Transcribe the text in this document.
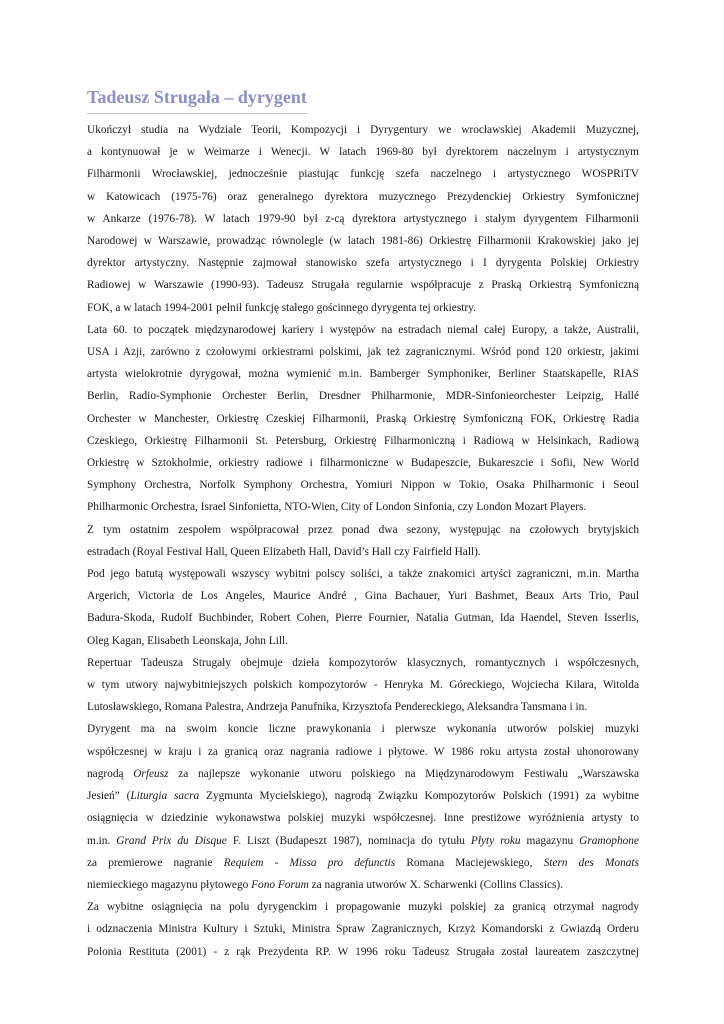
Tadeusz Strugała – dyrygent

Ukończył studia na Wydziale Teorii, Kompozycji i Dyrygentury we wrocławskiej Akademii Muzycznej,
a kontynuował je w Weimarze i Wenecji. W latach 1969-80 był dyrektorem naczelnym i artystycznym
Filharmonii Wrocławskiej, jednocześnie piastując funkcję szefa naczelnego i artystycznego WOSPRiTV
w Katowicach (1975-76) oraz generalnego dyrektora muzycznego Prezydenckiej Orkiestry Symfonicznej
w Ankarze (1976-78). W latach 1979-90 był z-cą dyrektora artystycznego i stałym dyrygentem Filharmonii
Narodowej w Warszawie, prowadząc równolegle (w latach 1981-86) Orkiestrę Filharmonii Krakowskiej jako jej
dyrektor artystyczny. Następnie zajmował stanowisko szefa artystycznego i I dyrygenta Polskiej Orkiestry
Radiowej w Warszawie (1990-93). Tadeusz Strugała regularnie współpracuje z Praską Orkiestrą Symfoniczną
FOK, a w latach 1994-2001 pełnił funkcję stałego gościnnego dyrygenta tej orkiestry.

Lata 60. to początek międzynarodowej kariery i występów na estradach niemal całej Europy, a także, Australii,
USA i Azji, zarówno z czołowymi orkiestrami polskimi, jak też zagranicznymi. Wśród pond 120 orkiestr, jakimi
artysta wielokrotnie dyrygował, można wymienić m.in. Bamberger Symphoniker, Berliner Staatskapelle, RIAS
Berlin, Radio-Symphonie Orchester Berlin, Dresdner Philharmonie, MDR-Sinfonieorchester Leipzig, Hallé
Orchester w Manchester, Orkiestrę Czeskiej Filharmonii, Praską Orkiestrę Symfoniczną FOK, Orkiestrę Radia
Czeskiego, Orkiestrę Filharmonii St. Petersburg, Orkiestrę Filharmoniczną i Radiową w Helsinkach, Radiową
Orkiestrę w Sztokholmie, orkiestry radiowe i filharmoniczne w Budapeszcie, Bukareszcie i Sofii, New World
Symphony Orchestra, Norfolk Symphony Orchestra, Yomiuri Nippon w Tokio, Osaka Philharmonic i Seoul
Philharmonic Orchestra, Israel Sinfonietta, NTO-Wien, City of London Sinfonia, czy London Mozart Players.

Z tym ostatnim zespołem współpracował przez ponad dwa sezony, występując na czołowych brytyjskich
estradach (Royal Festival Hall, Queen Elizabeth Hall, David’s Hall czy Fairfield Hall).

Pod jego batutą występowali wszyscy wybitni polscy soliści, a także znakomici artyści zagraniczni, m.in. Martha
Argerich, Victoria de Los Angeles, Maurice André , Gina Bachauer, Yuri Bashmet, Beaux Arts Trio, Paul
Badura-Skoda, Rudolf Buchbinder, Robert Cohen, Pierre Fournier, Natalia Gutman, Ida Haendel, Steven Isserlis,
Oleg Kagan, Elisabeth Leonskaja, John Lill.

Repertuar Tadeusza Strugały obejmuje dzieła kompozytorów klasycznych, romantycznych i współczesnych,
w tym utwory najwybitniejszych polskich kompozytorów - Henryka M. Góreckiego, Wojciecha Kilara, Witolda
Lutosławskiego, Romana Palestra, Andrzeja Panufnika, Krzysztofa Pendereckiego, Aleksandra Tansmana i in.

Dyrygent ma na swoim koncie liczne prawykonania i pierwsze wykonania utworów polskiej muzyki
współczesnej w kraju i za granicą oraz nagrania radiowe i płytowe. W 1986 roku artysta został uhonorowany
nagrodą Orfeusz za najlepsze wykonanie utworu polskiego na Międzynarodowym Festiwalu „Warszawska
Jesień” (Liturgia sacra Zygmunta Mycielskiego), nagrodą Związku Kompozytorów Polskich (1991) za wybitne
osiągnięcia w dziedzinie wykonawstwa polskiej muzyki współczesnej. Inne prestiżowe wyróżnienia artysty to
m.in. Grand Prix du Disque F. Liszt (Budapeszt 1987), nominacja do tytułu Płyty roku magazynu Gramophone
za premierowe nagranie Requiem - Missa pro defunctis Romana Maciejewskiego, Stern des Monats
niemieckiego magazynu płytowego Fono Forum za nagrania utworów X. Scharwenki (Collins Classics).

Za wybitne osiągnięcia na polu dyrygenckim i propagowanie muzyki polskiej za granicą otrzymał nagrody
i odznaczenia Ministra Kultury i Sztuki, Ministra Spraw Zagranicznych, Krzyż Komandorski z Gwiazdą Orderu
Polonia Restituta (2001) - z rąk Prezydenta RP. W 1996 roku Tadeusz Strugała został laureatem zaszczytnej
